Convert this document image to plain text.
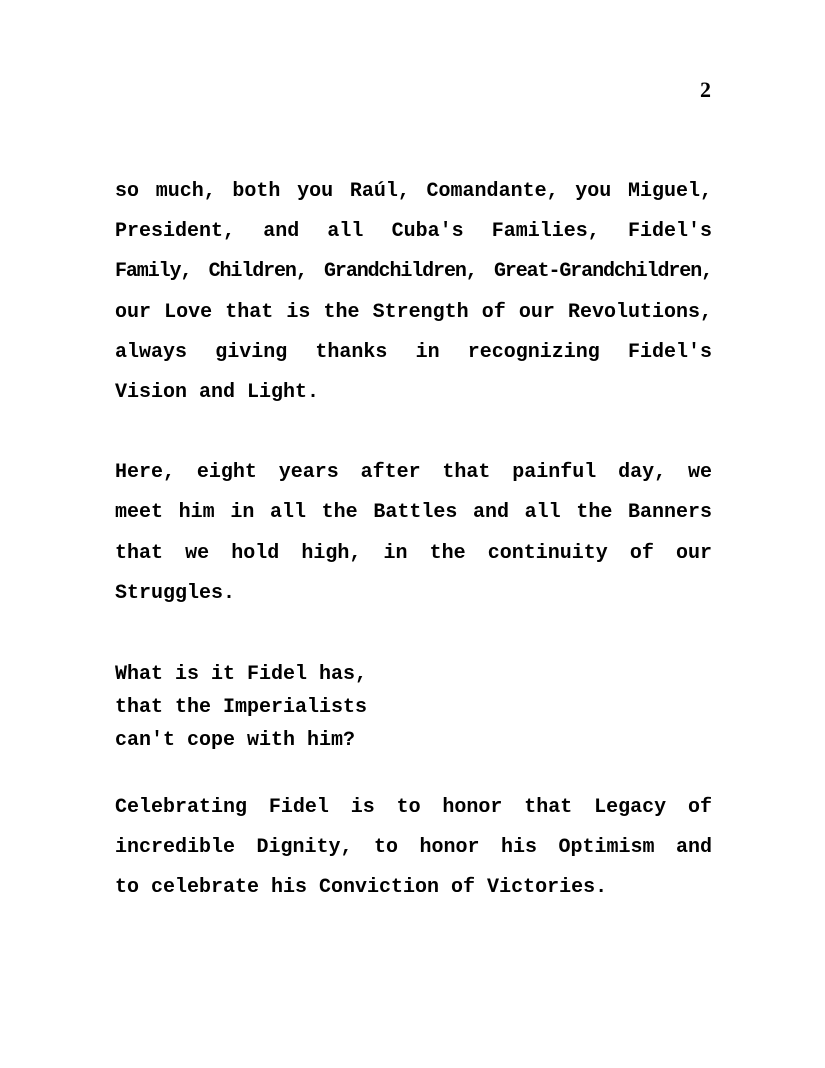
2

so much, both you Raúl, Comandante, you Miguel,
President, and all Cuba's Families, Fidel's
Family, Children, Grandchildren, Great-Grandchildren,
our Love that is the Strength of our Revolutions,
always giving thanks in recognizing Fidel's
Vision and Light.

Here, eight years after that painful day, we
meet him in all the Battles and all the Banners
that we hold high, in the continuity of our
Struggles.

What is it Fidel has,
that the Imperialists
can't cope with him?

Celebrating Fidel is to honor that Legacy of
incredible Dignity, to honor his Optimism and
to celebrate his Conviction of Victories.
